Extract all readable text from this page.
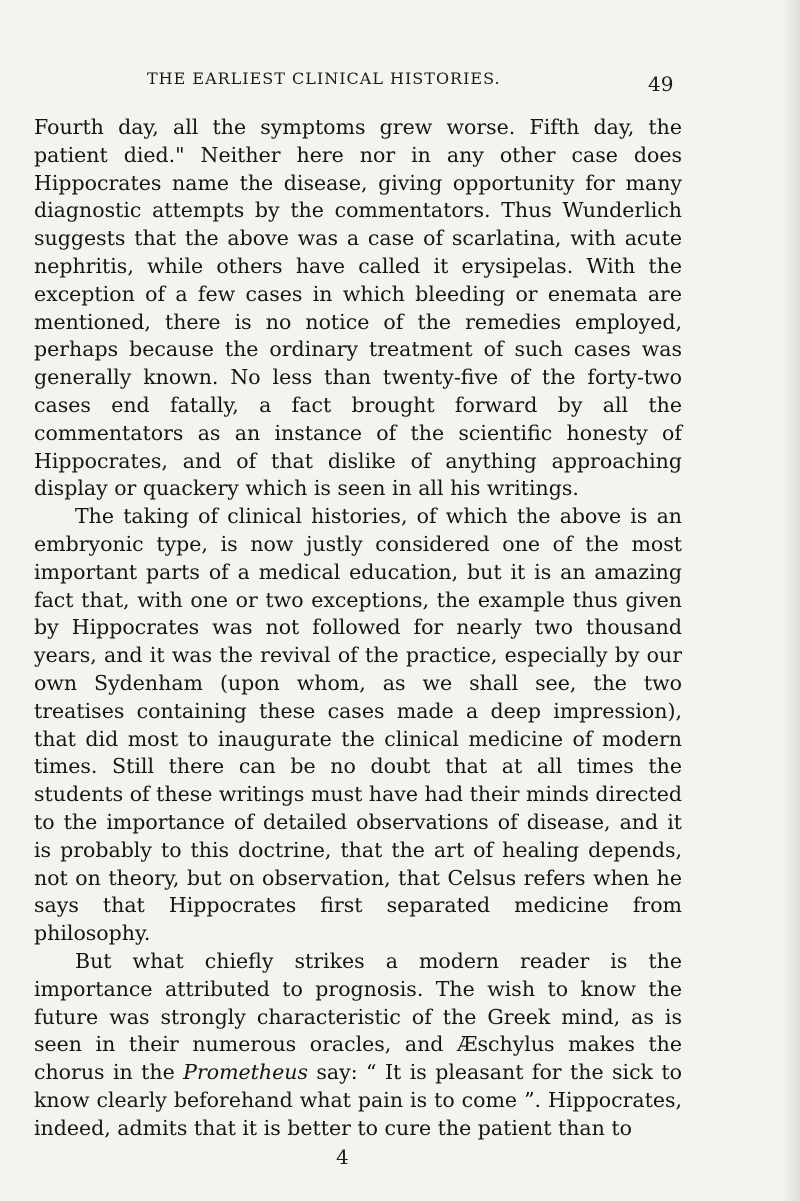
THE EARLIEST CLINICAL HISTORIES.	49

Fourth day, all the symptoms grew worse. Fifth day, the patient died." Neither here nor in any other case does Hippocrates name the disease, giving opportunity for many diagnostic attempts by the commentators. Thus Wunderlich suggests that the above was a case of scarlatina, with acute nephritis, while others have called it erysipelas. With the exception of a few cases in which bleeding or enemata are mentioned, there is no notice of the remedies employed, perhaps because the ordinary treatment of such cases was generally known. No less than twenty-five of the forty-two cases end fatally, a fact brought forward by all the commentators as an instance of the scientific honesty of Hippocrates, and of that dislike of anything approaching display or quackery which is seen in all his writings.

The taking of clinical histories, of which the above is an embryonic type, is now justly considered one of the most important parts of a medical education, but it is an amazing fact that, with one or two exceptions, the example thus given by Hippocrates was not followed for nearly two thousand years, and it was the revival of the practice, especially by our own Sydenham (upon whom, as we shall see, the two treatises containing these cases made a deep impression), that did most to inaugurate the clinical medicine of modern times. Still there can be no doubt that at all times the students of these writings must have had their minds directed to the importance of detailed observations of disease, and it is probably to this doctrine, that the art of healing depends, not on theory, but on observation, that Celsus refers when he says that Hippocrates first separated medicine from philosophy.

But what chiefly strikes a modern reader is the importance attributed to prognosis. The wish to know the future was strongly characteristic of the Greek mind, as is seen in their numerous oracles, and Æschylus makes the chorus in the Prometheus say: “ It is pleasant for the sick to know clearly beforehand what pain is to come ”. Hippocrates, indeed, admits that it is better to cure the patient than to

4
